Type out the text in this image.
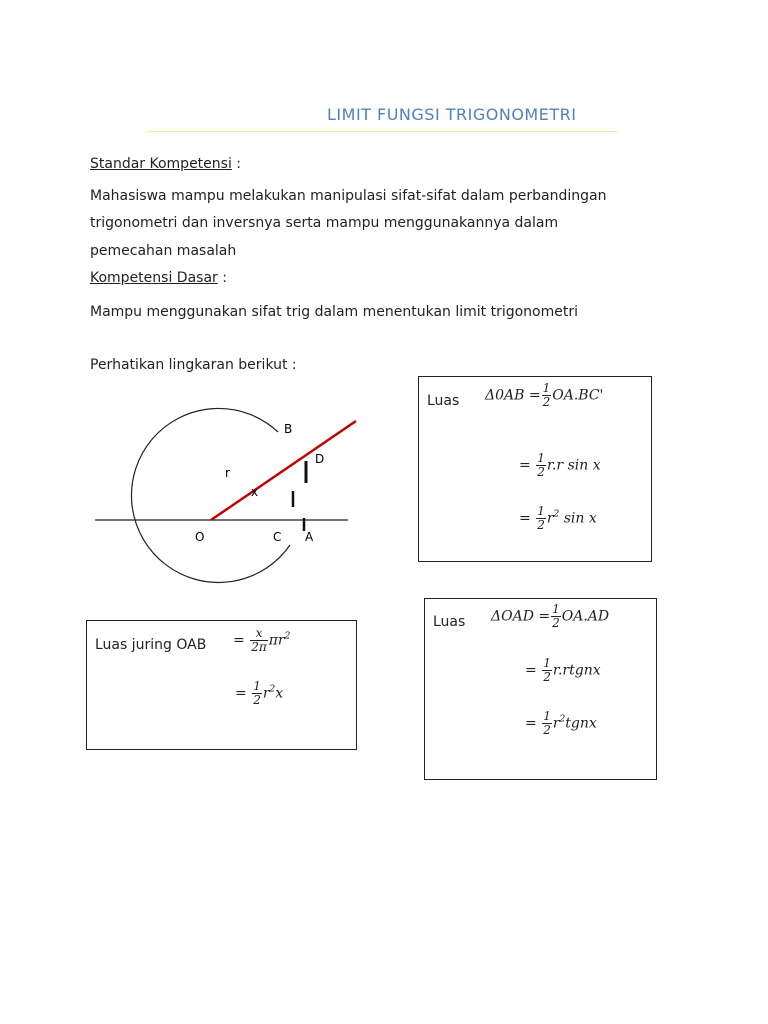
LIMIT FUNGSI TRIGONOMETRI
Standar Kompetensi :
Mahasiswa mampu melakukan manipulasi sifat-sifat dalam perbandingan
trigonometri dan inversnya serta mampu menggunakannya dalam
pemecahan masalah
Kompetensi Dasar :
Mampu menggunakan sifat trig dalam menentukan limit trigonometri
Perhatikan lingkaran berikut :
B
D
r
x
O	C A
Luas $\Delta 0AB = \frac{1}{2} OA.BC'$
= $\frac{1}{2} r.r$ sin x
= $\frac{1}{2} r^2$ sin x
Luas juring OAB = $\frac{x}{2\pi} \pi r^2$
= $\frac{1}{2} r^2x$
Luas $\Delta OAD = \frac{1}{2} OA.AD$
= $\frac{1}{2}$ r.rtgnx
= $\frac{1}{2}$ $r^2tgnx$
